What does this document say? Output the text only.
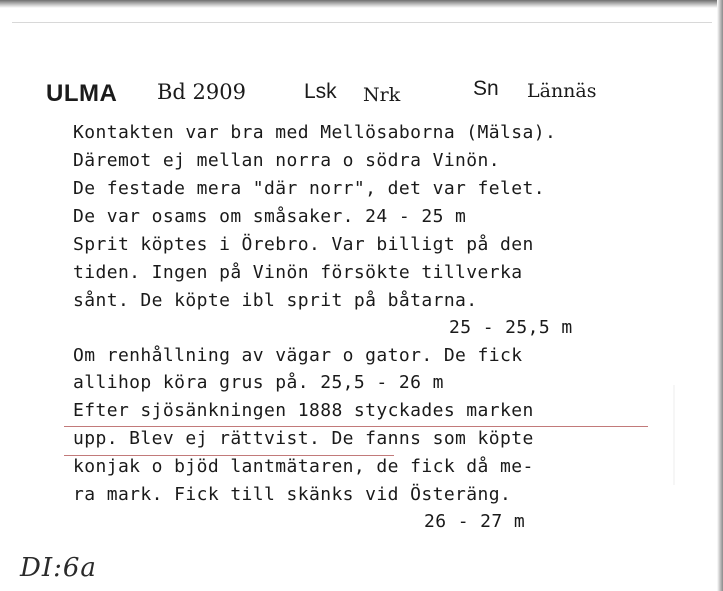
ULMA Bd 2909	Lsk Nrk	Sn Lännäs
Kontakten var bra med Mellösaborna (Mälsa).
Däremot ej mellan norra o södra Vinön.
De festade mera "där norr", det var felet.
De var osams om småsaker. 24 - 25 m
Sprit köptes i Örebro. Var billigt på den
tiden. Ingen på Vinön försökte tillverka
sånt. De köpte ibl sprit på båtarna.
25 - 25,5 m
Om renhållning av vägar o gator. De fick
allihop köra grus på. 25,5 - 26 m
Efter sjösänkningen 1888 styckades marken
upp. Blev ej rättvist. De fanns som köpte
konjak o bjöd lantmätaren, de fick då me-
ra mark. Fick till skänks vid Österäng.
26 - 27 m
DI:6a
